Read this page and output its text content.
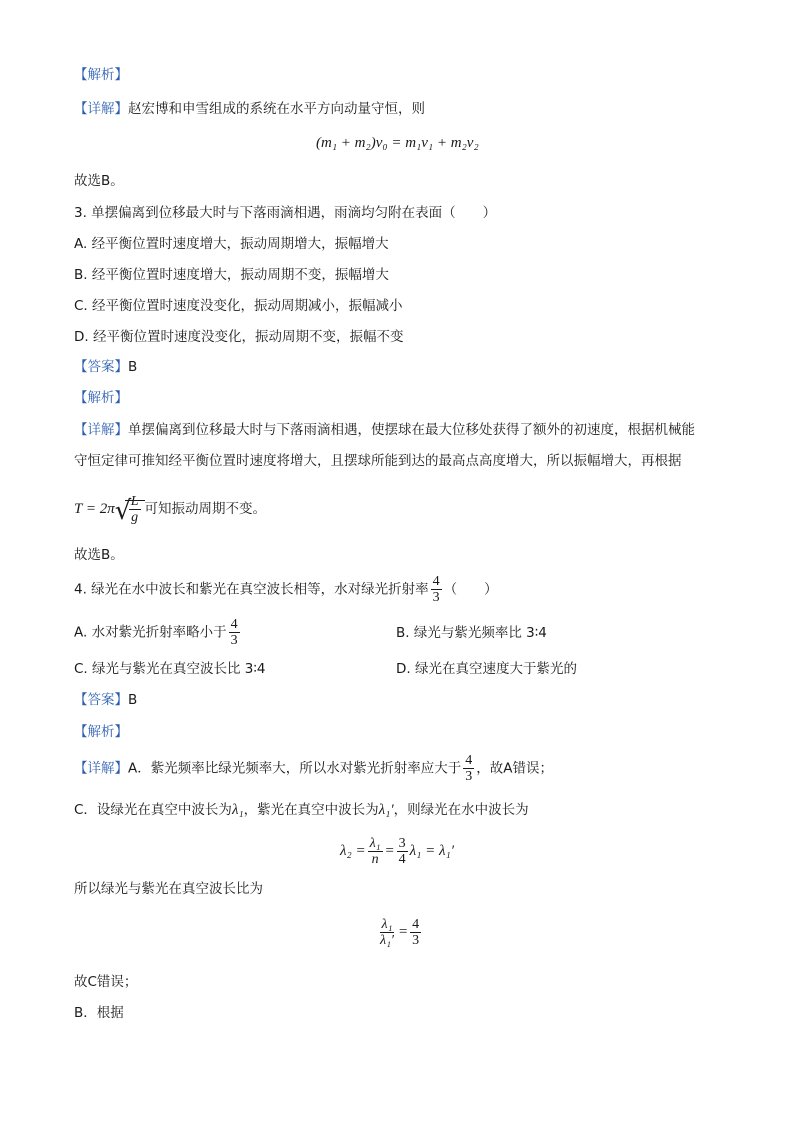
【解析】
【详解】赵宏博和申雪组成的系统在水平方向动量守恒，则
(m₁ + m₂)v₀ = m₁v₁ + m₂v₂
故选B。
3. 单摆偏离到位移最大时与下落雨滴相遇，雨滴均匀附在表面（　　）
A. 经平衡位置时速度增大，振动周期增大，振幅增大
B. 经平衡位置时速度增大，振动周期不变，振幅增大
C. 经平衡位置时速度没变化，振动周期减小，振幅减小
D. 经平衡位置时速度没变化，振动周期不变，振幅不变
【答案】B
【解析】
【详解】单摆偏离到位移最大时与下落雨滴相遇，使摆球在最大位移处获得了额外的初速度，根据机械能
守恒定律可推知经平衡位置时速度将增大，且摆球所能到达的最高点高度增大，所以振幅增大，再根据
T = 2π √
$\frac{L}{g}$ 可知振动周期不变。
故选B。
4. 绿光在水中波长和紫光在真空波长相等，水对绿光折射率 $\frac{4}{3}$ （　　）
A. 水对紫光折射率略小于 $\frac{4}{3}$	B. 绿光与紫光频率比 3∶4
C. 绿光与紫光在真空波长比 3∶4	D. 绿光在真空速度大于紫光的
【答案】B
【解析】
【详解】A．紫光频率比绿光频率大，所以水对紫光折射率应大于 $\frac{4}{3}$ ，故A错误；
C．设绿光在真空中波长为λ₁，紫光在真空中波长为λ₁′，则绿光在水中波长为
$\lambda_2 = \frac{\text{λ₁}}{n} = \frac{3}{4} \lambda_1 = \lambda_1'$
所以绿光与紫光在真空波长比为
$\frac{\text{λ₁}}{\text{λ₁′}} = \frac{4}{3}$
故C错误；
B．根据
